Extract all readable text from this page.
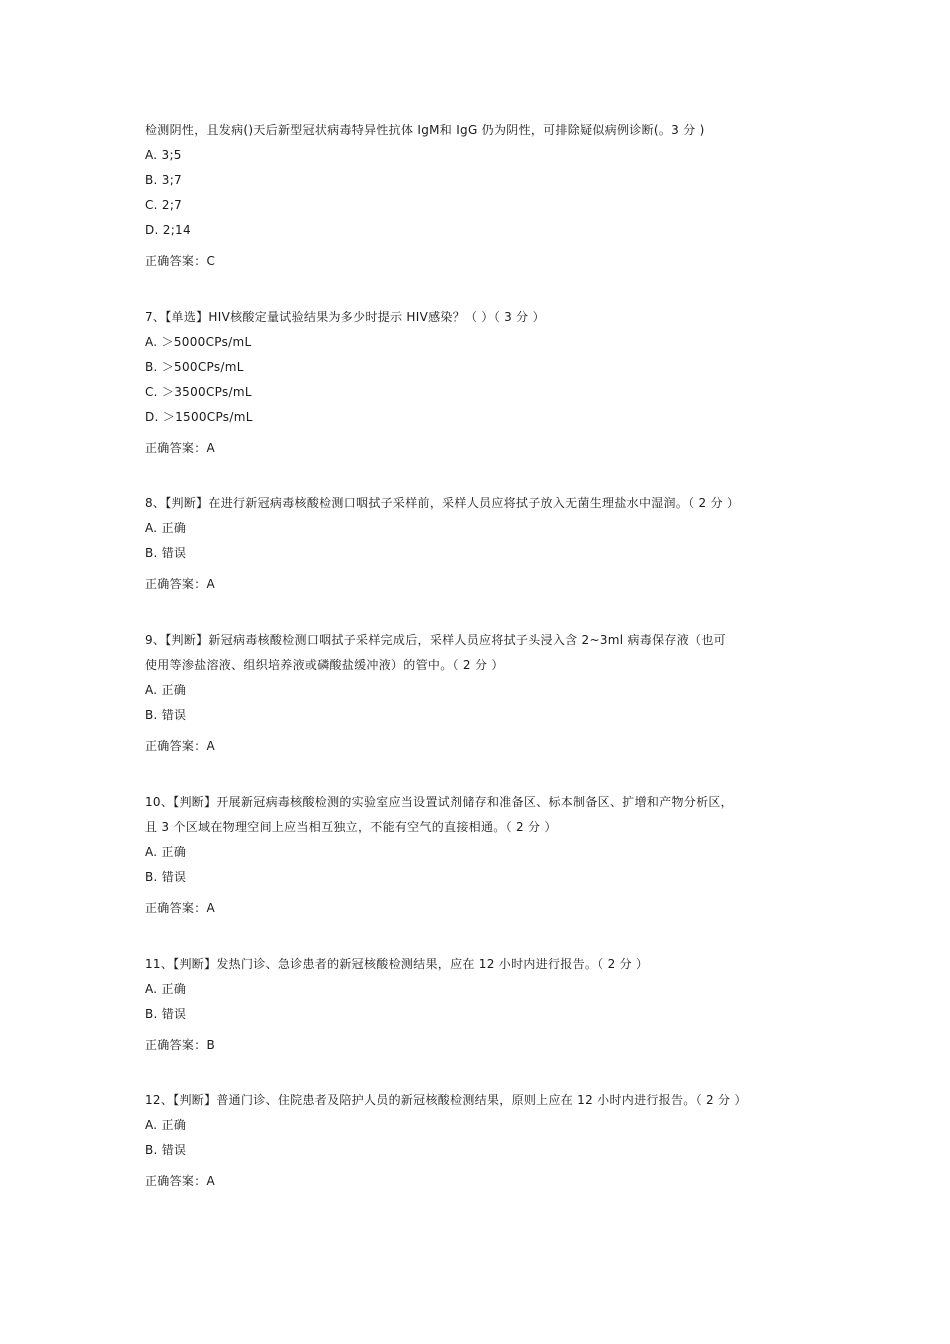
检测阴性，且发病()天后新型冠状病毒特异性抗体 IgM和 IgG 仍为阴性，可排除疑似病例诊断(。3 分 )
A. 3;5
B. 3;7
C. 2;7
D. 2;14
正确答案：C
7、【单选】HIV核酸定量试验结果为多少时提示 HIV感染？（ ）（ 3 分 ）
A. ＞5000CPs/mL
B. ＞500CPs/mL
C. ＞3500CPs/mL
D. ＞1500CPs/mL
正确答案：A
8、【判断】在进行新冠病毒核酸检测口咽拭子采样前，采样人员应将拭子放入无菌生理盐水中湿润。（ 2 分 ）
A. 正确
B. 错误
正确答案：A
9、【判断】新冠病毒核酸检测口咽拭子采样完成后，采样人员应将拭子头浸入含 2~3ml 病毒保存液（也可
使用等渗盐溶液、组织培养液或磷酸盐缓冲液）的管中。（ 2 分 ）
A. 正确
B. 错误
正确答案：A
10、【判断】开展新冠病毒核酸检测的实验室应当设置试剂储存和准备区、标本制备区、扩增和产物分析区，
且 3 个区域在物理空间上应当相互独立，不能有空气的直接相通。（ 2 分 ）
A. 正确
B. 错误
正确答案：A
11、【判断】发热门诊、急诊患者的新冠核酸检测结果，应在 12 小时内进行报告。（ 2 分 ）
A. 正确
B. 错误
正确答案：B
12、【判断】普通门诊、住院患者及陪护人员的新冠核酸检测结果，原则上应在 12 小时内进行报告。（ 2 分 ）
A. 正确
B. 错误
正确答案：A
